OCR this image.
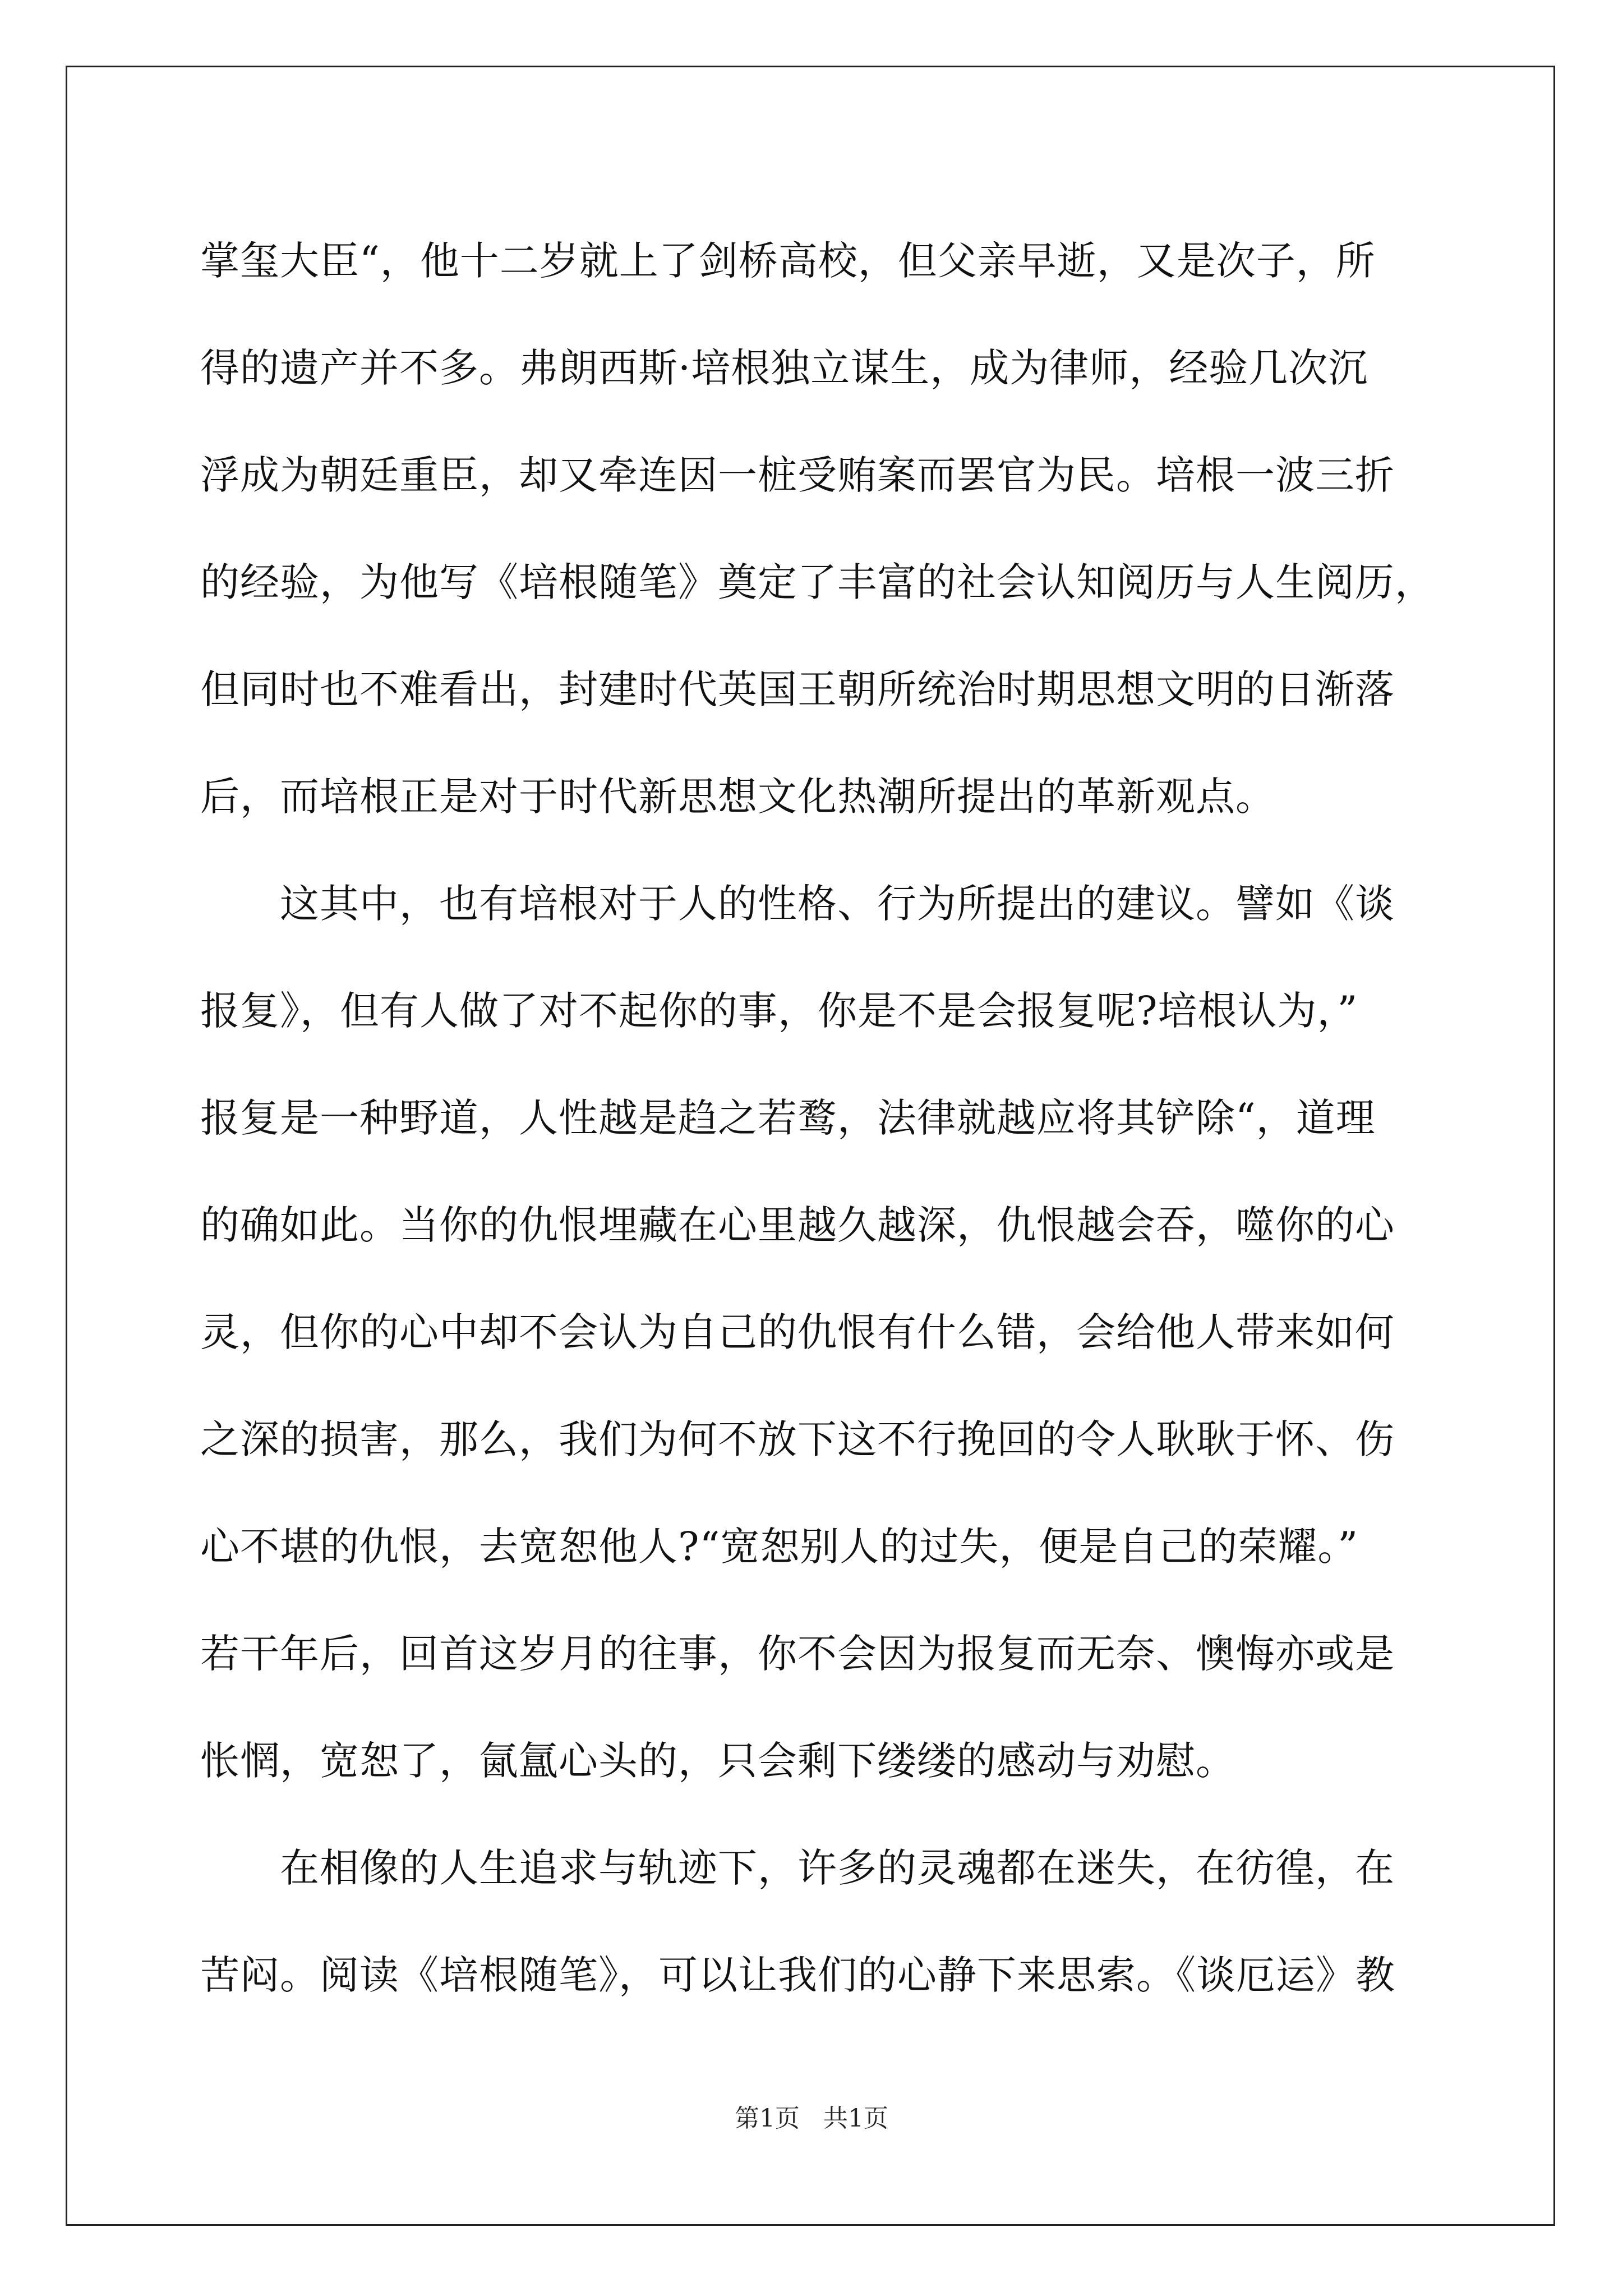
掌玺大臣“，他十二岁就上了剑桥高校，但父亲早逝，又是次子，所
得的遗产并不多。弗朗西斯·培根独立谋生，成为律师，经验几次沉
浮成为朝廷重臣，却又牵连因一桩受贿案而罢官为民。培根一波三折
的经验，为他写《培根随笔》奠定了丰富的社会认知阅历与人生阅历，
但同时也不难看出，封建时代英国王朝所统治时期思想文明的日渐落
后，而培根正是对于时代新思想文化热潮所提出的革新观点。
　　这其中，也有培根对于人的性格、行为所提出的建议。譬如《谈
报复》，但有人做了对不起你的事，你是不是会报复呢?培根认为，”
报复是一种野道，人性越是趋之若鹜，法律就越应将其铲除“，道理
的确如此。当你的仇恨埋藏在心里越久越深，仇恨越会吞，噬你的心
灵，但你的心中却不会认为自己的仇恨有什么错，会给他人带来如何
之深的损害，那么，我们为何不放下这不行挽回的令人耿耿于怀、伤
心不堪的仇恨，去宽恕他人?“宽恕别人的过失，便是自己的荣耀。”
若干年后，回首这岁月的往事，你不会因为报复而无奈、懊悔亦或是
怅惘，宽恕了，氤氲心头的，只会剩下缕缕的感动与劝慰。
　　在相像的人生追求与轨迹下，许多的灵魂都在迷失，在彷徨，在
苦闷。阅读《培根随笔》，可以让我们的心静下来思索。《谈厄运》教
第1页 共1页
